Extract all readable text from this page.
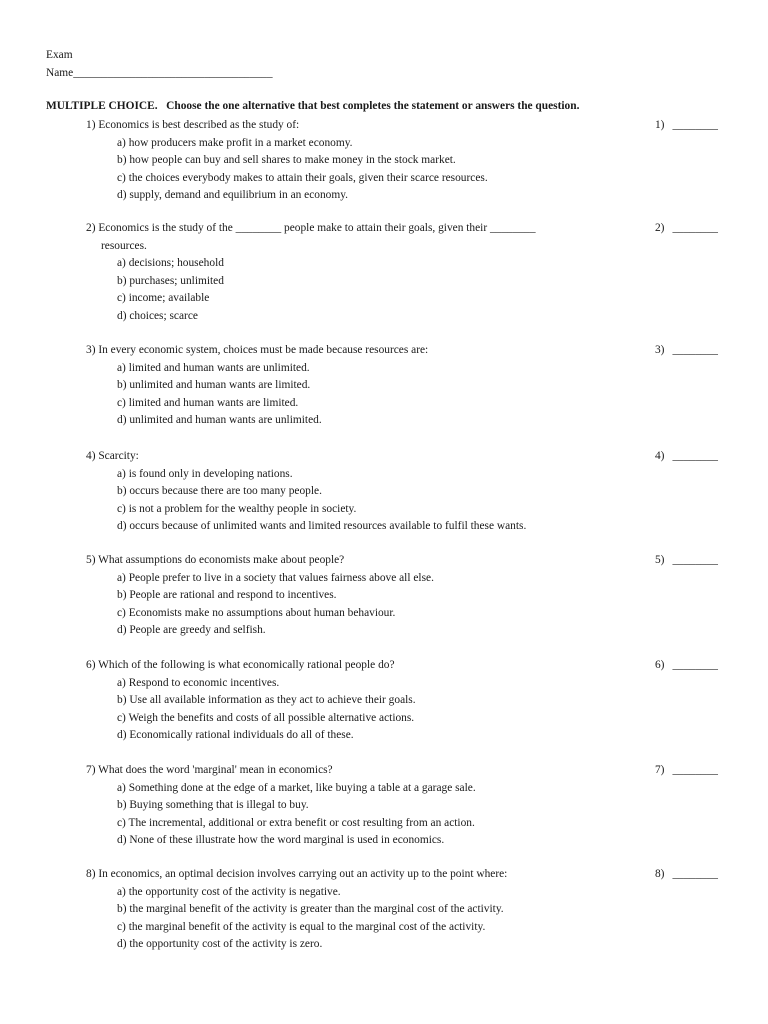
Exam
Name___________________________________
MULTIPLE CHOICE.   Choose the one alternative that best completes the statement or answers the question.
1) Economics is best described as the study of:	1) ________
a) how producers make profit in a market economy.
b) how people can buy and sell shares to make money in the stock market.
c) the choices everybody makes to attain their goals, given their scarce resources.
d) supply, demand and equilibrium in an economy.
2) Economics is the study of the ________ people make to attain their goals, given their ________	2) ________
resources.
a) decisions; household
b) purchases; unlimited
c) income; available
d) choices; scarce
3) In every economic system, choices must be made because resources are:	3) ________
a) limited and human wants are unlimited.
b) unlimited and human wants are limited.
c) limited and human wants are limited.
d) unlimited and human wants are unlimited.
4) Scarcity:	4) ________
a) is found only in developing nations.
b) occurs because there are too many people.
c) is not a problem for the wealthy people in society.
d) occurs because of unlimited wants and limited resources available to fulfil these wants.
5) What assumptions do economists make about people?	5) ________
a) People prefer to live in a society that values fairness above all else.
b) People are rational and respond to incentives.
c) Economists make no assumptions about human behaviour.
d) People are greedy and selfish.
6) Which of the following is what economically rational people do?	6) ________
a) Respond to economic incentives.
b) Use all available information as they act to achieve their goals.
c) Weigh the benefits and costs of all possible alternative actions.
d) Economically rational individuals do all of these.
7) What does the word 'marginal' mean in economics?	7) ________
a) Something done at the edge of a market, like buying a table at a garage sale.
b) Buying something that is illegal to buy.
c) The incremental, additional or extra benefit or cost resulting from an action.
d) None of these illustrate how the word marginal is used in economics.
8) In economics, an optimal decision involves carrying out an activity up to the point where:	8) ________
a) the opportunity cost of the activity is negative.
b) the marginal benefit of the activity is greater than the marginal cost of the activity.
c) the marginal benefit of the activity is equal to the marginal cost of the activity.
d) the opportunity cost of the activity is zero.
